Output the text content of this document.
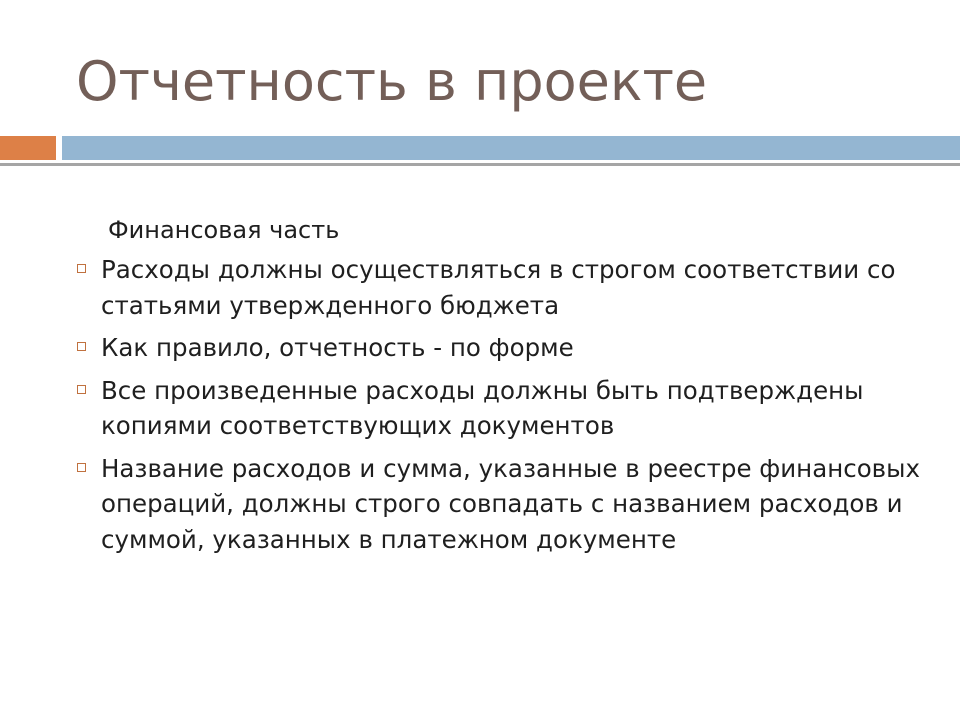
Отчетность в проекте

Финансовая часть

Расходы должны осуществляться в строгом соответствии со статьями утвержденного бюджета
Как правило, отчетность - по форме
Все произведенные расходы должны быть подтверждены копиями соответствующих документов
Название расходов и сумма, указанные в реестре финансовых операций, должны строго совпадать с названием расходов и суммой, указанных в платежном документе
